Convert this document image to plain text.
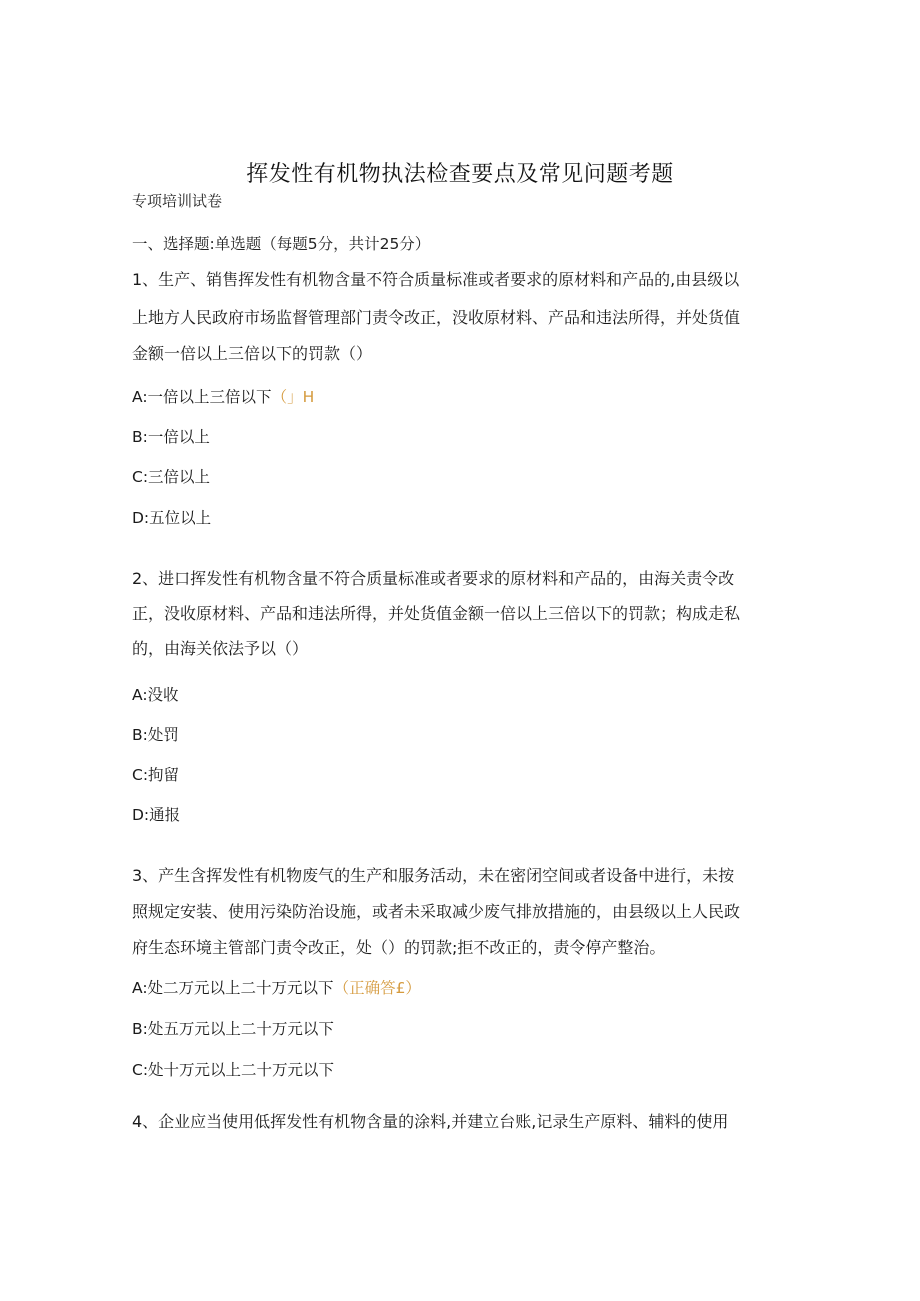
挥发性有机物执法检查要点及常见问题考题
专项培训试卷
一、选择题:单选题（每题5分，共计25分）
1、生产、销售挥发性有机物含量不符合质量标准或者要求的原材料和产品的,由县级以
上地方人民政府市场监督管理部门责令改正，没收原材料、产品和违法所得，并处货值
金额一倍以上三倍以下的罚款（）
A:一倍以上三倍以下（」H
B:一倍以上
C:三倍以上
D:五位以上
2、进口挥发性有机物含量不符合质量标准或者要求的原材料和产品的，由海关责令改
正，没收原材料、产品和违法所得，并处货值金额一倍以上三倍以下的罚款；构成走私
的，由海关依法予以（）
A:没收
B:处罚
C:拘留
D:通报
3、产生含挥发性有机物废气的生产和服务活动，未在密闭空间或者设备中进行，未按
照规定安装、使用污染防治设施，或者未采取减少废气排放措施的，由县级以上人民政
府生态环境主管部门责令改正，处（）的罚款;拒不改正的，责令停产整治。
A:处二万元以上二十万元以下（正确答£）
B:处五万元以上二十万元以下
C:处十万元以上二十万元以下
4、企业应当使用低挥发性有机物含量的涂料,并建立台账,记录生产原料、辅料的使用
